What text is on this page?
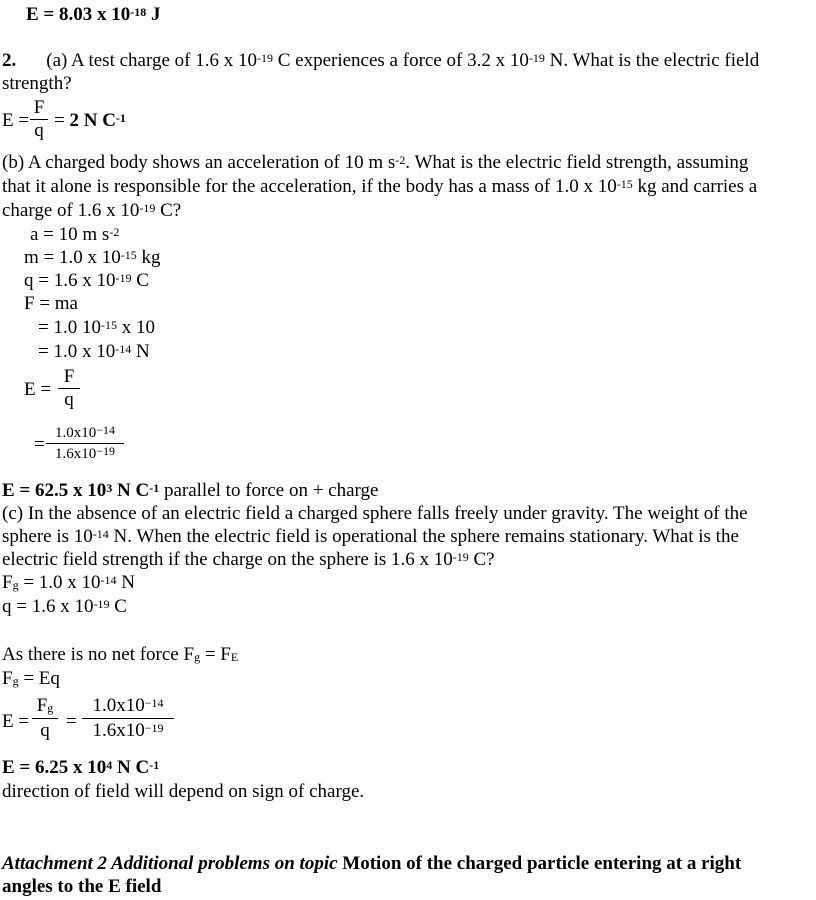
E = 8.03 x $10^{-18}$ J
2. (a) A test charge of 1.6 x $10^{-19}$ C experiences a force of 3.2 x $10^{-19}$ N. What is the electric field
strength?
$E = \frac{F}{q} = 2$ N $C^{-1}$
(b) A charged body shows an acceleration of 10 m $s^{-2}$. What is the electric field strength, assuming
that it alone is responsible for the acceleration, if the body has a mass of 1.0 x $10^{-15}$ kg and carries a
charge of 1.6 x $10^{-19}$ C?
a = 10 m $s^{-2}$
m = 1.0 x $10^{-15}$ kg
q = 1.6 x $10^{-19}$ C
F = ma
= 1.0 $10^{-15}$ x 10
= 1.0 x $10^{-14}$ N
$E = \frac{F}{q}$
= $\frac{1.0x10^{-14}}{1.6x10^{-19}}$
E = 62.5 x $10^3$ N $C^{-1}$ parallel to force on + charge
(c) In the absence of an electric field a charged sphere falls freely under gravity. The weight of the
sphere is $10^{-14}$ N. When the electric field is operational the sphere remains stationary. What is the
electric field strength if the charge on the sphere is 1.6 x $10^{-19}$ C?
$F_g = 1.0$ x $10^{-14}$ N
q = 1.6 x $10^{-19}$ C
As there is no net force $F_g = F_E$
$F_g = Eq$
$E = \frac{F_g}{q} = \frac{1.0x10^{-14}}{1.6x10^{-19}}$
E = 6.25 x $10^4$ N $C^{-1}$
direction of field will depend on sign of charge.
Attachment 2 Additional problems on topic Motion of the charged particle entering at a right
angles to the E field
